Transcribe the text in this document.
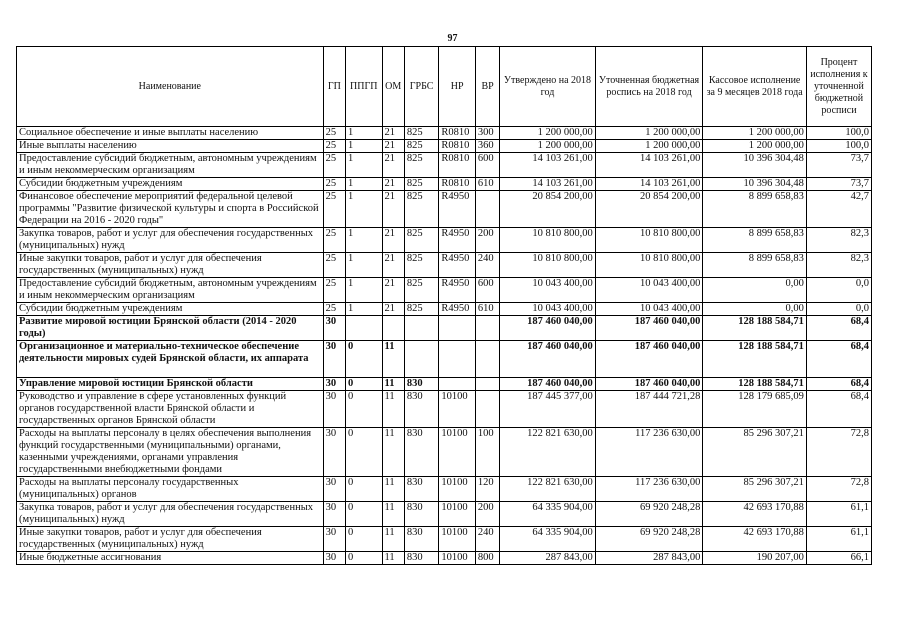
97
Наименование	ГП	ППГП	ОМ	ГРБС	НР	ВР	Утверждено на 2018 год	Уточненная бюджетная роспись на 2018 год	Кассовое исполнение за 9 месяцев 2018 года	Процент исполнения к уточненной бюджетной росписи
Социальное обеспечение и иные выплаты населению	25	1	21	825	R0810	300	1 200 000,00	1 200 000,00	1 200 000,00	100,0
Иные выплаты населению	25	1	21	825	R0810	360	1 200 000,00	1 200 000,00	1 200 000,00	100,0
Предоставление субсидий бюджетным, автономным учреждениям и иным некоммерческим организациям	25	1	21	825	R0810	600	14 103 261,00	14 103 261,00	10 396 304,48	73,7
Субсидии бюджетным учреждениям	25	1	21	825	R0810	610	14 103 261,00	14 103 261,00	10 396 304,48	73,7
Финансовое обеспечение мероприятий федеральной целевой программы "Развитие физической культуры и спорта в Российской Федерации на 2016 - 2020 годы"	25	1	21	825	R4950		20 854 200,00	20 854 200,00	8 899 658,83	42,7
Закупка товаров, работ и услуг для обеспечения государственных (муниципальных) нужд	25	1	21	825	R4950	200	10 810 800,00	10 810 800,00	8 899 658,83	82,3
Иные закупки товаров, работ и услуг для обеспечения государственных (муниципальных) нужд	25	1	21	825	R4950	240	10 810 800,00	10 810 800,00	8 899 658,83	82,3
Предоставление субсидий бюджетным, автономным учреждениям и иным некоммерческим организациям	25	1	21	825	R4950	600	10 043 400,00	10 043 400,00	0,00	0,0
Субсидии бюджетным учреждениям	25	1	21	825	R4950	610	10 043 400,00	10 043 400,00	0,00	0,0
Развитие мировой юстиции Брянской области (2014 - 2020 годы)	30						187 460 040,00	187 460 040,00	128 188 584,71	68,4
Организационное и материально-техническое обеспечение деятельности мировых судей Брянской области, их аппарата	30	0	11				187 460 040,00	187 460 040,00	128 188 584,71	68,4
Управление мировой юстиции Брянской области	30	0	11	830			187 460 040,00	187 460 040,00	128 188 584,71	68,4
Руководство и управление в сфере установленных функций органов государственной власти Брянской области и государственных органов Брянской области	30	0	11	830	10100		187 445 377,00	187 444 721,28	128 179 685,09	68,4
Расходы на выплаты персоналу в целях обеспечения выполнения функций государственными (муниципальными) органами, казенными учреждениями, органами управления государственными внебюджетными фондами	30	0	11	830	10100	100	122 821 630,00	117 236 630,00	85 296 307,21	72,8
Расходы на выплаты персоналу государственных (муниципальных) органов	30	0	11	830	10100	120	122 821 630,00	117 236 630,00	85 296 307,21	72,8
Закупка товаров, работ и услуг для обеспечения государственных (муниципальных) нужд	30	0	11	830	10100	200	64 335 904,00	69 920 248,28	42 693 170,88	61,1
Иные закупки товаров, работ и услуг для обеспечения государственных (муниципальных) нужд	30	0	11	830	10100	240	64 335 904,00	69 920 248,28	42 693 170,88	61,1
Иные бюджетные ассигнования	30	0	11	830	10100	800	287 843,00	287 843,00	190 207,00	66,1
